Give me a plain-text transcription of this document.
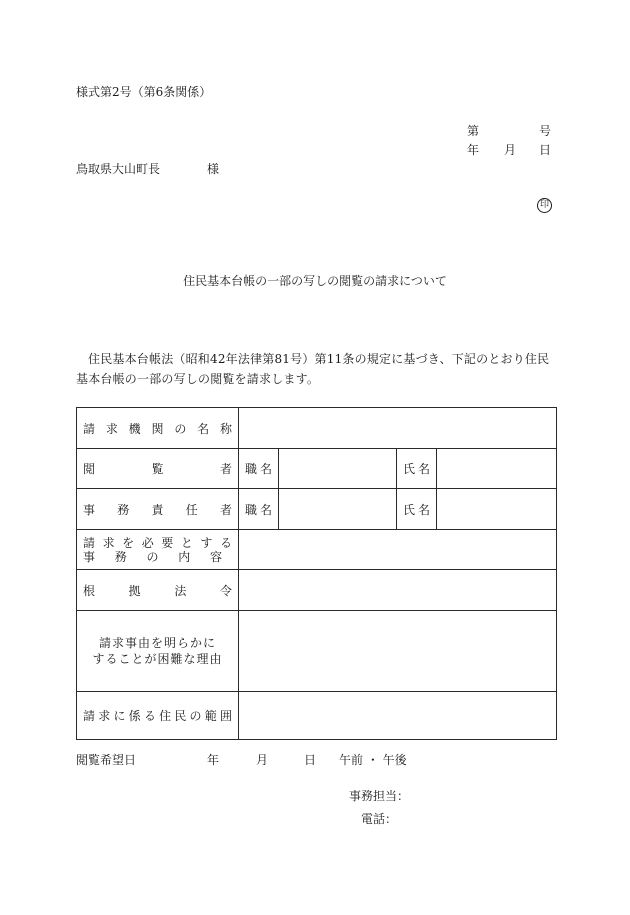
様式第2号（第6条関係）
第	号
年 月 日
鳥取県大山町長	様
印
住民基本台帳の一部の写しの閲覧の請求について
住民基本台帳法（昭和42年法律第81号）第11条の規定に基づき、下記のとおり住民基本台帳の一部の写しの閲覧を請求します。
請求機関の名称				
閲覧者	職名		氏名	
事務責任者	職名		氏名	

請求を必要とする
事務の内容				

根拠法令				

請求事由を明らかに
することが困難な理由				

請求に係る住民の範囲				
閲覧希望日	年	月	日 午前 ・ 午後
事務担当：
電話：
